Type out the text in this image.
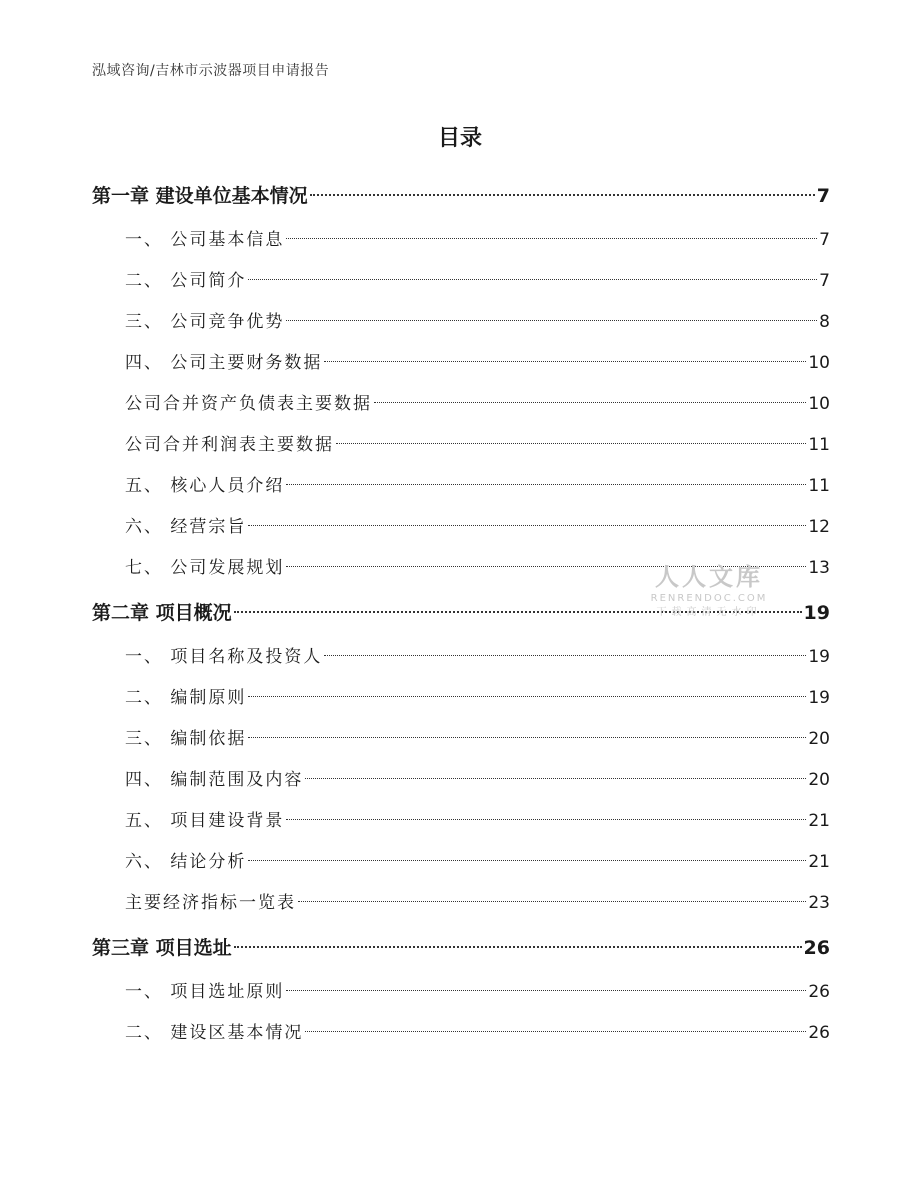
泓域咨询/吉林市示波器项目申请报告
目录
第一章 建设单位基本情况	7
一、 公司基本信息	7
二、 公司简介	7
三、 公司竞争优势	8
四、 公司主要财务数据	10
公司合并资产负债表主要数据	10
公司合并利润表主要数据	11
五、 核心人员介绍	11
六、 经营宗旨	12
七、 公司发展规划	13
第二章 项目概况	19
一、 项目名称及投资人	19
二、 编制原则	19
三、 编制依据	20
四、 编制范围及内容	20
五、 项目建设背景	21
六、 结论分析	21
主要经济指标一览表	23
第三章 项目选址	26
一、 项目选址原则	26
二、 建设区基本情况	26
人人文库
RENRENDOC.COM
下载高清无水印
